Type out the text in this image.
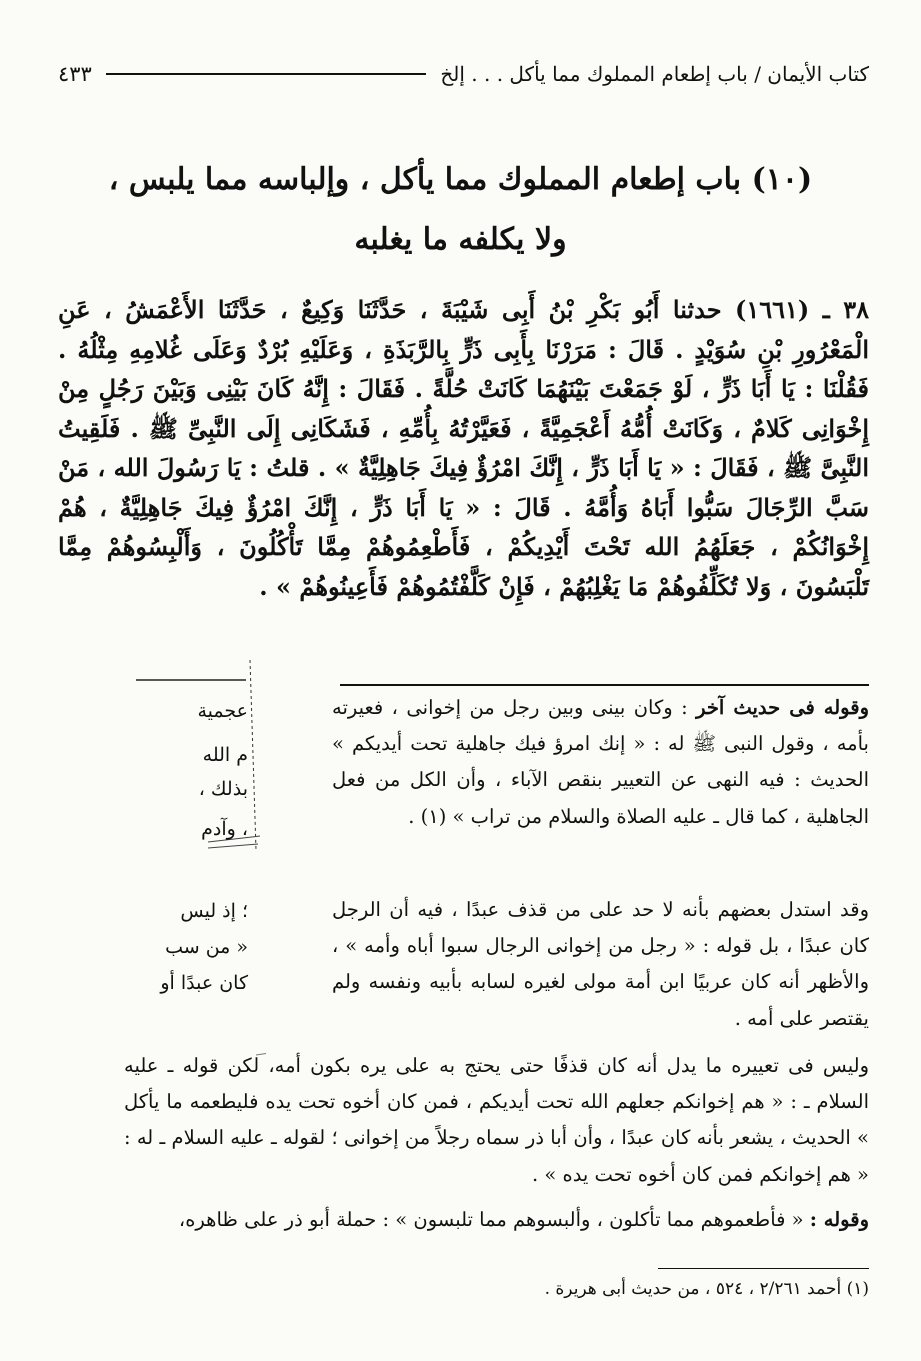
كتاب الأيمان / باب إطعام المملوك مما يأكل . . . إلخ
٤٣٣
(١٠) باب إطعام المملوك مما يأكل ، وإلباسه مما يلبس ،
ولا يكلفه ما يغلبه

٣٨ ـ (١٦٦١) حدثنا أَبُو بَكْرِ بْنُ أَبِى شَيْبَةَ ، حَدَّثَنَا وَكِيعٌ ، حَدَّثَنَا الأَعْمَشُ ، عَنِ الْمَعْرُورِ بْنِ سُوَيْدٍ . قَالَ : مَرَرْنَا بِأَبِى ذَرٍّ بِالرَّبَذَةِ ، وَعَلَيْهِ بُرْدٌ وَعَلَى غُلامِهِ مِثْلُهُ . فَقُلْنَا : يَا أَبَا ذَرٍّ ، لَوْ جَمَعْتَ بَيْنَهُمَا كَانَتْ حُلَّةً . فَقَالَ : إِنَّهُ كَانَ بَيْنِى وَبَيْنَ رَجُلٍ مِنْ إِخْوَانِى كَلامٌ ، وَكَانَتْ أُمُّهُ أَعْجَمِيَّةً ، فَعَيَّرْتُهُ بِأُمِّهِ ، فَشَكَانِى إِلَى النَّبِىِّ ﷺ . فَلَقِيتُ النَّبِىَّ ﷺ ، فَقَالَ : « يَا أَبَا ذَرٍّ ، إِنَّكَ امْرُؤٌ فِيكَ جَاهِلِيَّةٌ » . قلتُ : يَا رَسُولَ الله ، مَنْ سَبَّ الرِّجَالَ سَبُّوا أَبَاهُ وَأُمَّهُ . قَالَ : « يَا أَبَا ذَرٍّ ، إِنَّكَ امْرُؤٌ فِيكَ جَاهِلِيَّةٌ ، هُمْ إِخْوَانُكُمْ ، جَعَلَهُمُ الله تَحْتَ أَيْدِيكُمْ ، فَأَطْعِمُوهُمْ مِمَّا تَأْكُلُونَ ، وَأَلْبِسُوهُمْ مِمَّا تَلْبَسُونَ ، وَلا تُكَلِّفُوهُمْ مَا يَغْلِبُهُمْ ، فَإِنْ كَلَّفْتُمُوهُمْ فَأَعِينُوهُمْ » .

عجمية
م الله
بذلك ،
، وآدم
؛ إذ ليس
« من سب
كان عبدًا أو

وقوله فى حديث آخر : وكان بينى وبين رجل من إخوانى ، فعيرته بأمه ، وقول النبى ﷺ له : « إنك امرؤ فيك جاهلية تحت أيديكم » الحديث : فيه النهى عن التعيير بنقص الآباء ، وأن الكل من فعل الجاهلية ، كما قال ـ عليه الصلاة والسلام من تراب » (١) .

وقد استدل بعضهم بأنه لا حد على من قذف عبدًا ، فيه أن الرجل كان عبدًا ، بل قوله : « رجل من إخوانى الرجال سبوا أباه وأمه » ، والأظهر أنه كان عربيًا ابن أمة مولى لغيره لسابه بأبيه ونفسه ولم يقتصر على أمه .

وليس فى تعييره ما يدل أنه كان قذفًا حتى يحتج به على يره بكون أمه، لكن قوله ـ عليه السلام ـ : « هم إخوانكم جعلهم الله تحت أيديكم ، فمن كان أخوه تحت يده فليطعمه ما يأكل » الحديث ، يشعر بأنه كان عبدًا ، وأن أبا ذر سماه رجلاً من إخوانى ؛ لقوله ـ عليه السلام ـ له : « هم إخوانكم فمن كان أخوه تحت يده » .

وقوله : « فأطعموهم مما تأكلون ، وألبسوهم مما تلبسون » : حملة أبو ذر على ظاهره،

(١) أحمد ٢/٢٦١ ، ٥٢٤ ، من حديث أبى هريرة .
